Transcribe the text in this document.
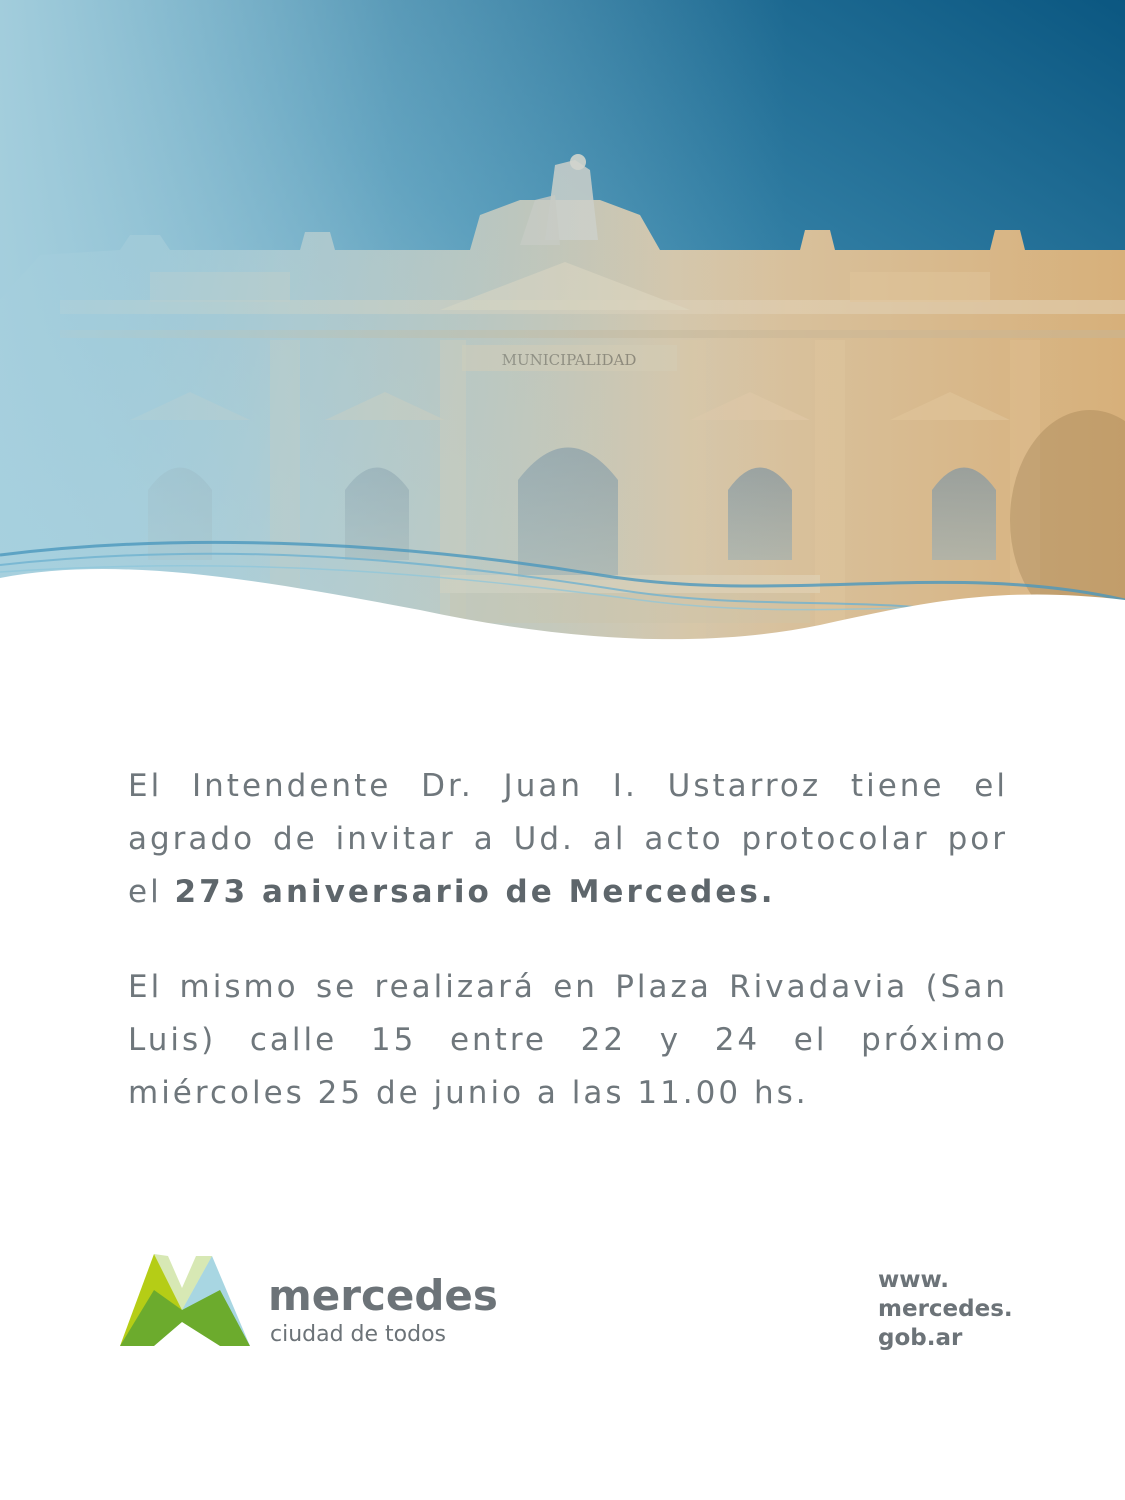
El Intendente Dr. Juan I. Ustarroz tiene el agrado de invitar a Ud. al acto protocolar por el 273 aniversario de Mercedes.

El mismo se realizará en Plaza Rivadavia (San Luis) calle 15 entre 22 y 24 el próximo miércoles 25 de junio a las 11.00 hs.

mercedes
ciudad de todos
www.
mercedes.
gob.ar
